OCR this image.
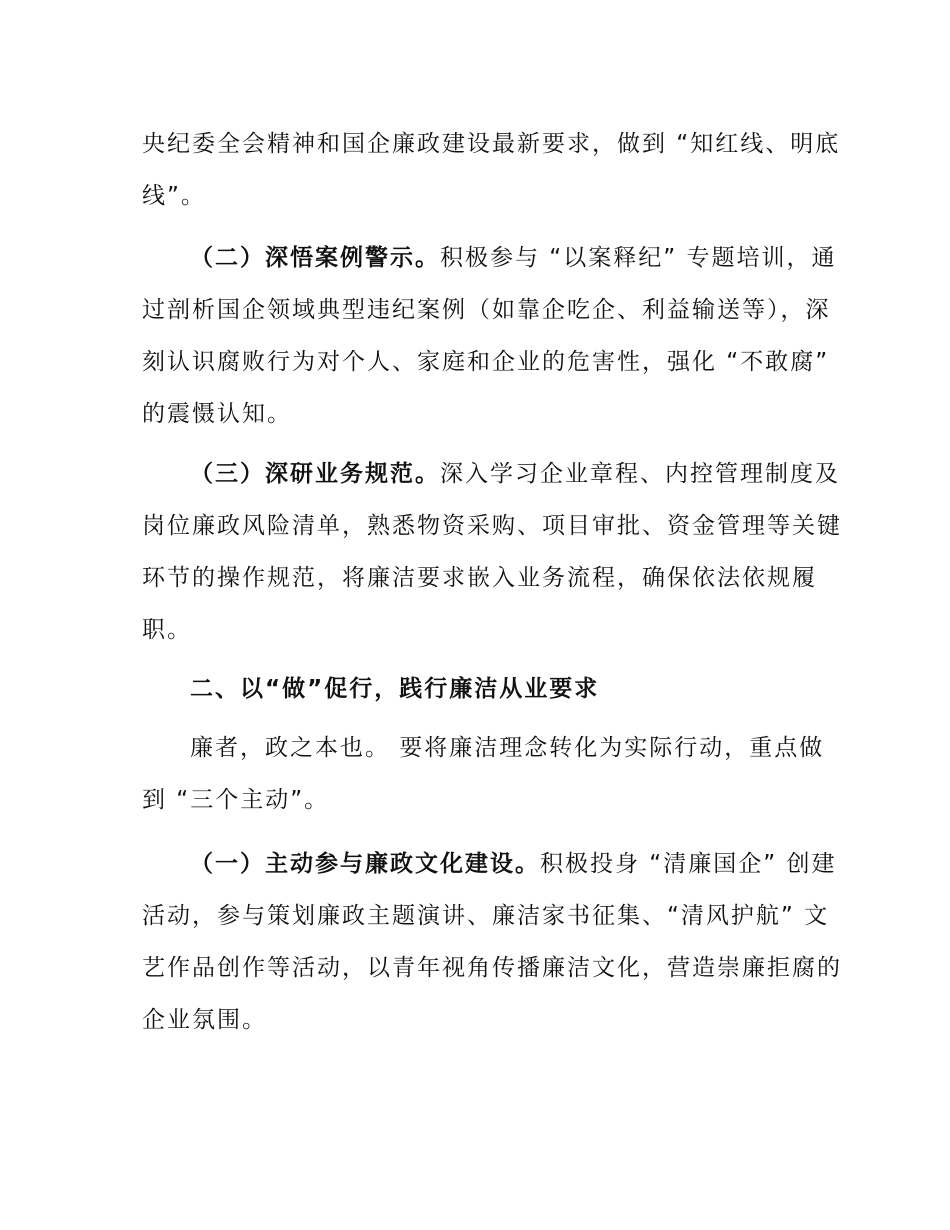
央纪委全会精神和国企廉政建设最新要求，做到 “知红线、明底线”。

（二）深悟案例警示。积极参与 “以案释纪” 专题培训，通过剖析国企领域典型违纪案例（如靠企吃企、利益输送等），深刻认识腐败行为对个人、家庭和企业的危害性，强化 “不敢腐” 的震慑认知。

（三）深研业务规范。深入学习企业章程、内控管理制度及岗位廉政风险清单，熟悉物资采购、项目审批、资金管理等关键环节的操作规范，将廉洁要求嵌入业务流程，确保依法依规履职。

二、以“做”促行，践行廉洁从业要求

廉者，政之本也。 要将廉洁理念转化为实际行动，重点做到 “三个主动”。

（一）主动参与廉政文化建设。积极投身 “清廉国企” 创建活动，参与策划廉政主题演讲、廉洁家书征集、“清风护航” 文艺作品创作等活动，以青年视角传播廉洁文化，营造崇廉拒腐的企业氛围。
